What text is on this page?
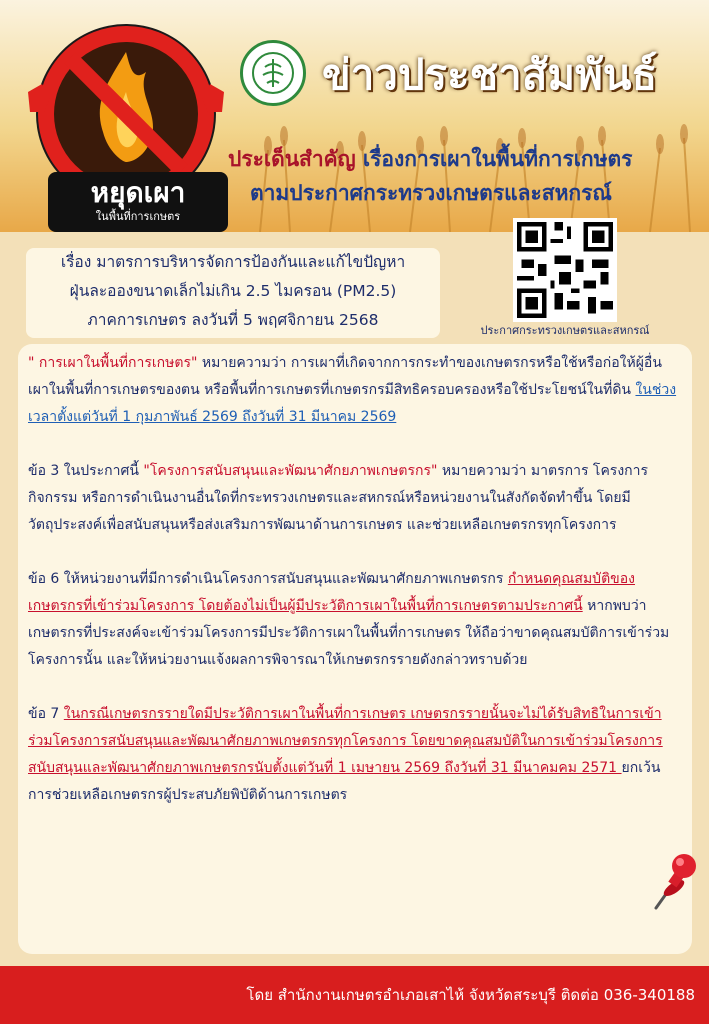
หยุดเผา
ในพื้นที่การเกษตร
ข่าวประชาสัมพันธ์
ประเด็นสำคัญ เรื่องการเผาในพื้นที่การเกษตร
ตามประกาศกระทรวงเกษตรและสหกรณ์
เรื่อง มาตรการบริหารจัดการป้องกันและแก้ไขปัญหา
ฝุ่นละอองขนาดเล็กไม่เกิน 2.5 ไมครอน (PM2.5)
ภาคการเกษตร ลงวันที่ 5 พฤศจิกายน 2568
ประกาศกระทรวงเกษตรและสหกรณ์

" การเผาในพื้นที่การเกษตร" หมายความว่า การเผาที่เกิดจากการกระทำของเกษตรกรหรือใช้หรือก่อให้ผู้อื่นเผาในพื้นที่การเกษตรของตน หรือพื้นที่การเกษตรที่เกษตรกรมีสิทธิครอบครองหรือใช้ประโยชน์ในที่ดิน ในช่วงเวลาตั้งแต่วันที่ 1 กุมภาพันธ์ 2569 ถึงวันที่ 31 มีนาคม 2569

ข้อ 3 ในประกาศนี้ "โครงการสนับสนุนและพัฒนาศักยภาพเกษตรกร" หมายความว่า มาตรการ โครงการ กิจกรรม หรือการดำเนินงานอื่นใดที่กระทรวงเกษตรและสหกรณ์หรือหน่วยงานในสังกัดจัดทำขึ้น โดยมีวัตถุประสงค์เพื่อสนับสนุนหรือส่งเสริมการพัฒนาด้านการเกษตร และช่วยเหลือเกษตรกรทุกโครงการ

ข้อ 6 ให้หน่วยงานที่มีการดำเนินโครงการสนับสนุนและพัฒนาศักยภาพเกษตรกร กำหนดคุณสมบัติของเกษตรกรที่เข้าร่วมโครงการ โดยต้องไม่เป็นผู้มีประวัติการเผาในพื้นที่การเกษตรตามประกาศนี้ หากพบว่าเกษตรกรที่ประสงค์จะเข้าร่วมโครงการมีประวัติการเผาในพื้นที่การเกษตร ให้ถือว่าขาดคุณสมบัติการเข้าร่วมโครงการนั้น และให้หน่วยงานแจ้งผลการพิจารณาให้เกษตรกรรายดังกล่าวทราบด้วย

ข้อ 7 ในกรณีเกษตรกรรายใดมีประวัติการเผาในพื้นที่การเกษตร เกษตรกรรายนั้นจะไม่ได้รับสิทธิในการเข้าร่วมโครงการสนับสนุนและพัฒนาศักยภาพเกษตรกรทุกโครงการ โดยขาดคุณสมบัติในการเข้าร่วมโครงการสนับสนุนและพัฒนาศักยภาพเกษตรกรนับตั้งแต่วันที่ 1 เมษายน 2569 ถึงวันที่ 31 มีนาคมคม 2571 ยกเว้นการช่วยเหลือเกษตรกรผู้ประสบภัยพิบัติด้านการเกษตร

โดย สำนักงานเกษตรอำเภอเสาไห้ จังหวัดสระบุรี ติดต่อ 036-340188
